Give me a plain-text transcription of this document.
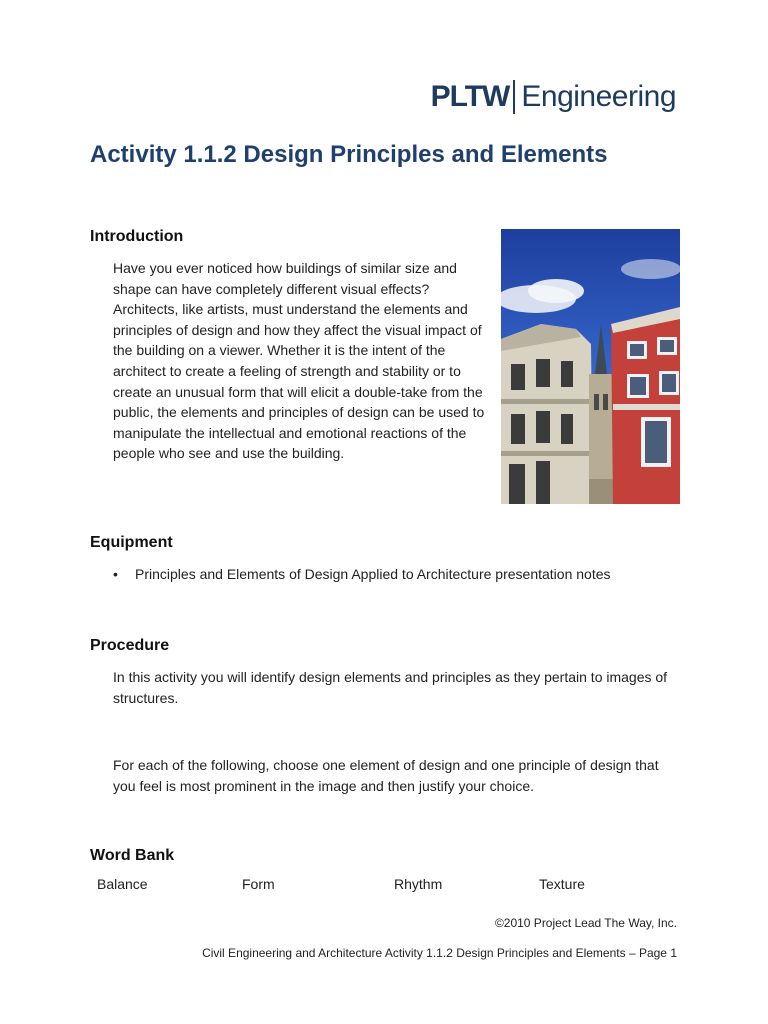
PLTW Engineering
Activity 1.1.2 Design Principles and Elements
Introduction

Have you ever noticed how buildings of similar size and shape can have completely different visual effects? Architects, like artists, must understand the elements and principles of design and how they affect the visual impact of the building on a viewer. Whether it is the intent of the architect to create a feeling of strength and stability or to create an unusual form that will elicit a double-take from the public, the elements and principles of design can be used to manipulate the intellectual and emotional reactions of the people who see and use the building.

Equipment
• Principles and Elements of Design Applied to Architecture presentation notes
Procedure

In this activity you will identify design elements and principles as they pertain to images of structures.

For each of the following, choose one element of design and one principle of design that you feel is most prominent in the image and then justify your choice.

Word Bank
Balance	Form	Rhythm	Texture
©2010 Project Lead The Way, Inc.
Civil Engineering and Architecture Activity 1.1.2 Design Principles and Elements – Page 1
